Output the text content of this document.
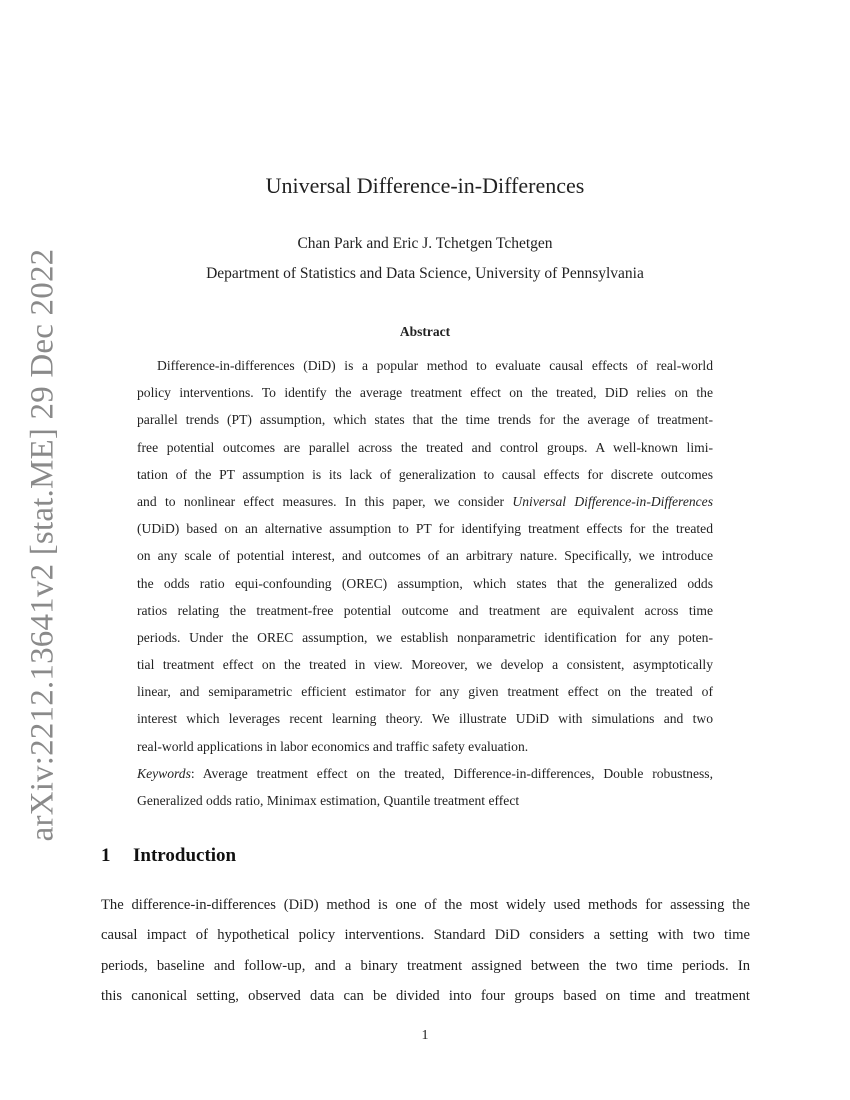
arXiv:2212.13641v2 [stat.ME] 29 Dec 2022
Universal Difference-in-Differences
Chan Park and Eric J. Tchetgen Tchetgen
Department of Statistics and Data Science, University of Pennsylvania
Abstract
Difference-in-differences (DiD) is a popular method to evaluate causal effects of real-world
policy interventions. To identify the average treatment effect on the treated, DiD relies on the
parallel trends (PT) assumption, which states that the time trends for the average of treatment-
free potential outcomes are parallel across the treated and control groups. A well-known limi-
tation of the PT assumption is its lack of generalization to causal effects for discrete outcomes
and to nonlinear effect measures. In this paper, we consider Universal Difference-in-Differences
(UDiD) based on an alternative assumption to PT for identifying treatment effects for the treated
on any scale of potential interest, and outcomes of an arbitrary nature. Specifically, we introduce
the odds ratio equi-confounding (OREC) assumption, which states that the generalized odds
ratios relating the treatment-free potential outcome and treatment are equivalent across time
periods. Under the OREC assumption, we establish nonparametric identification for any poten-
tial treatment effect on the treated in view. Moreover, we develop a consistent, asymptotically
linear, and semiparametric efficient estimator for any given treatment effect on the treated of
interest which leverages recent learning theory. We illustrate UDiD with simulations and two
real-world applications in labor economics and traffic safety evaluation.
Keywords: Average treatment effect on the treated, Difference-in-differences, Double robustness,
Generalized odds ratio, Minimax estimation, Quantile treatment effect
1 Introduction
The difference-in-differences (DiD) method is one of the most widely used methods for assessing the
causal impact of hypothetical policy interventions. Standard DiD considers a setting with two time
periods, baseline and follow-up, and a binary treatment assigned between the two time periods. In
this canonical setting, observed data can be divided into four groups based on time and treatment
1
